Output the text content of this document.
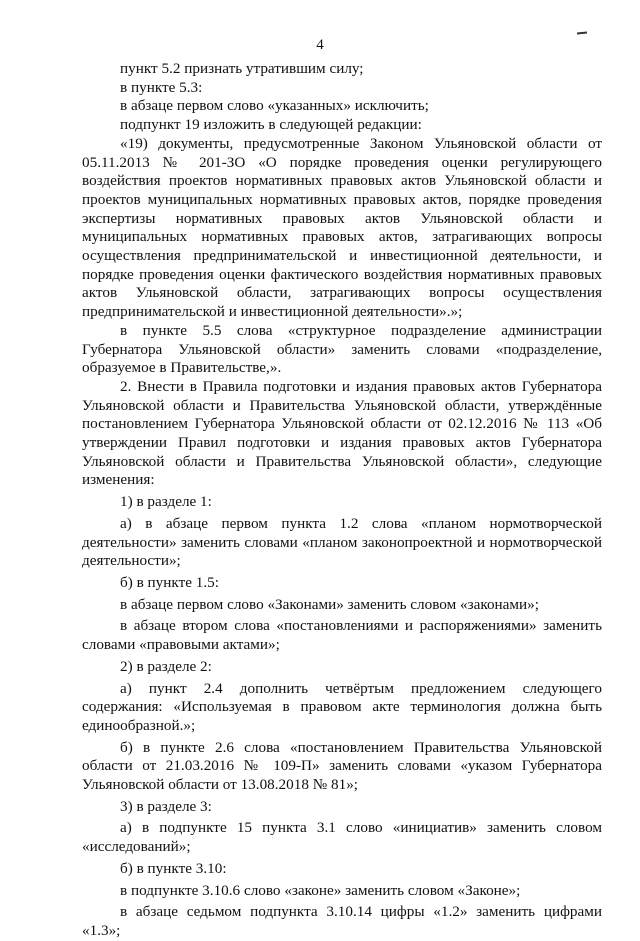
4

пункт 5.2 признать утратившим силу;

в пункте 5.3:

в абзаце первом слово «указанных» исключить;

подпункт 19 изложить в следующей редакции:

«19) документы, предусмотренные Законом Ульяновской области от 05.11.2013 № 201-ЗО «О порядке проведения оценки регулирующего воздействия проектов нормативных правовых актов Ульяновской области и проектов муниципальных нормативных правовых актов, порядке проведения экспертизы нормативных правовых актов Ульяновской области и муниципальных нормативных правовых актов, затрагивающих вопросы осуществления предпринимательской и инвестиционной деятельности, и порядке проведения оценки фактического воздействия нормативных правовых актов Ульяновской области, затрагивающих вопросы осуществления предпринимательской и инвестиционной деятельности».»;

в пункте 5.5 слова «структурное подразделение администрации Губернатора Ульяновской области» заменить словами «подразделение, образуемое в Правительстве,».

2. Внести в Правила подготовки и издания правовых актов Губернатора Ульяновской области и Правительства Ульяновской области, утверждённые постановлением Губернатора Ульяновской области от 02.12.2016 № 113 «Об утверждении Правил подготовки и издания правовых актов Губернатора Ульяновской области и Правительства Ульяновской области», следующие изменения:

1) в разделе 1:

а) в абзаце первом пункта 1.2 слова «планом нормотворческой деятельности» заменить словами «планом законопроектной и нормотворческой деятельности»;

б) в пункте 1.5:

в абзаце первом слово «Законами» заменить словом «законами»;

в абзаце втором слова «постановлениями и распоряжениями» заменить словами «правовыми актами»;

2) в разделе 2:

а) пункт 2.4 дополнить четвёртым предложением следующего содержания: «Используемая в правовом акте терминология должна быть единообразной.»;

б) в пункте 2.6 слова «постановлением Правительства Ульяновской области от 21.03.2016 № 109-П» заменить словами «указом Губернатора Ульяновской области от 13.08.2018 № 81»;

3) в разделе 3:

а) в подпункте 15 пункта 3.1 слово «инициатив» заменить словом «исследований»;

б) в пункте 3.10:

в подпункте 3.10.6 слово «законе» заменить словом «Законе»;

в абзаце седьмом подпункта 3.10.14 цифры «1.2» заменить цифрами «1.3»;
